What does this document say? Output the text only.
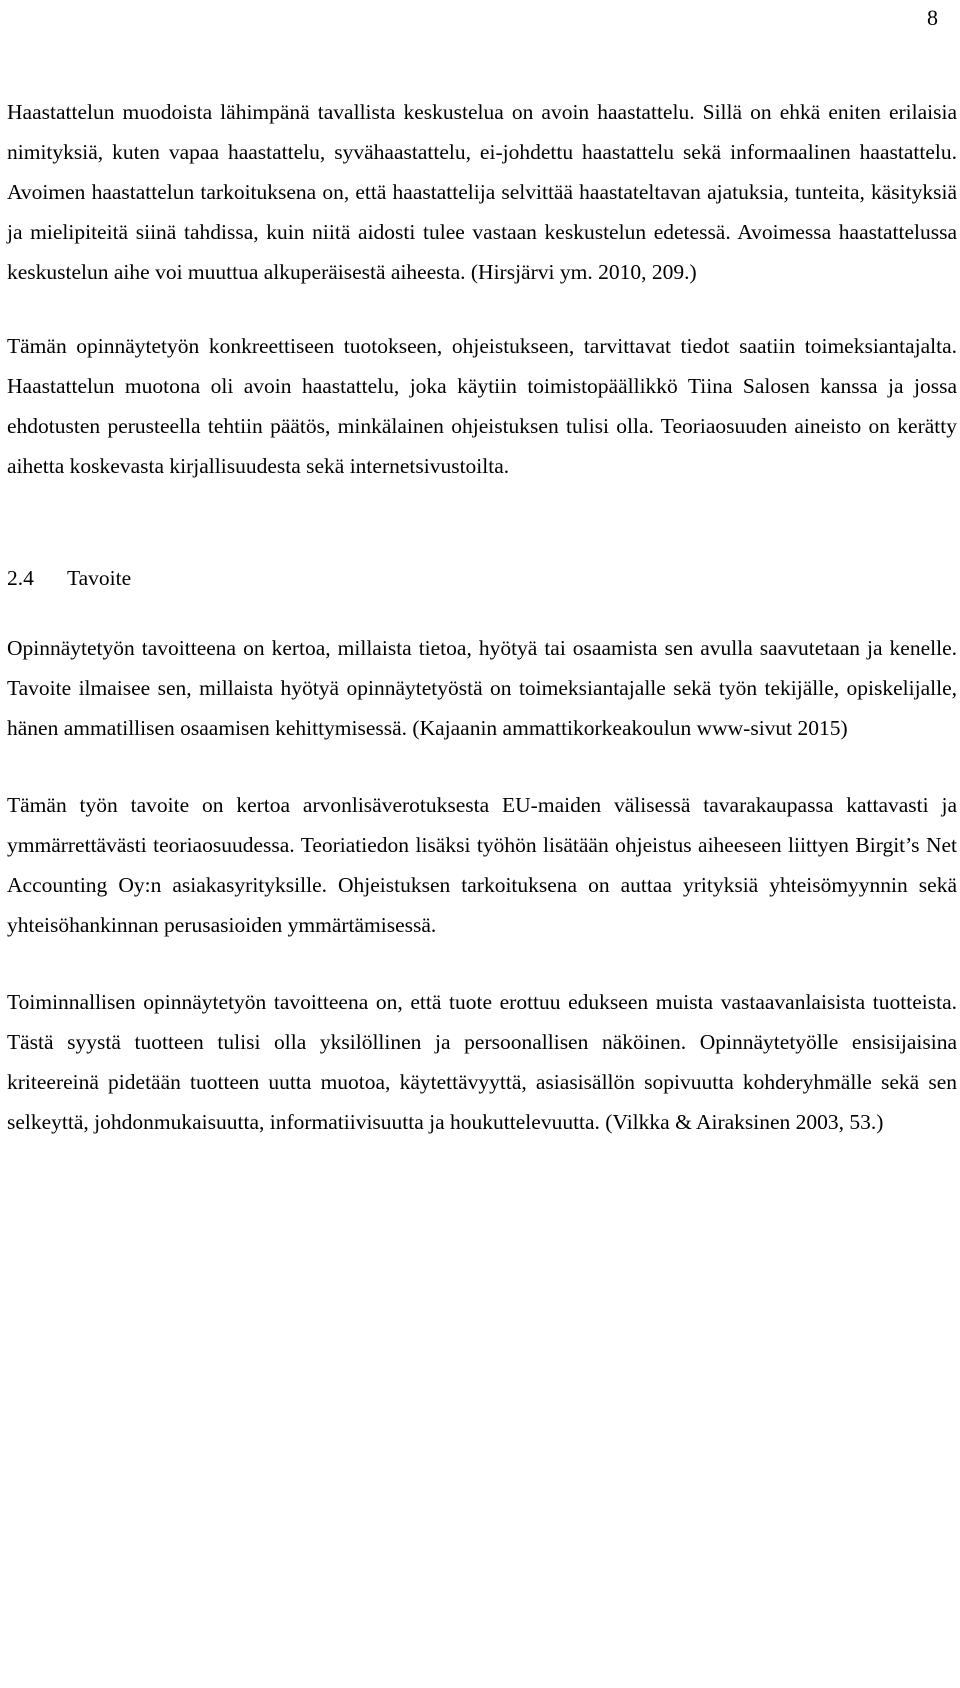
8

Haastattelun muodoista lähimpänä tavallista keskustelua on avoin haastattelu. Sillä on ehkä eniten erilaisia nimityksiä, kuten vapaa haastattelu, syvähaastattelu, ei-johdettu haastattelu sekä informaalinen haastattelu. Avoimen haastattelun tarkoituksena on, että haastattelija selvittää haastateltavan ajatuksia, tunteita, käsityksiä ja mielipiteitä siinä tahdissa, kuin niitä aidosti tulee vastaan keskustelun edetessä. Avoimessa haastattelussa keskustelun aihe voi muuttua alkuperäisestä aiheesta. (Hirsjärvi ym. 2010, 209.)

Tämän opinnäytetyön konkreettiseen tuotokseen, ohjeistukseen, tarvittavat tiedot saatiin toimeksiantajalta. Haastattelun muotona oli avoin haastattelu, joka käytiin toimistopäällikkö Tiina Salosen kanssa ja jossa ehdotusten perusteella tehtiin päätös, minkälainen ohjeistuksen tulisi olla. Teoriaosuuden aineisto on kerätty aihetta koskevasta kirjallisuudesta sekä internetsivustoilta.

2.4 Tavoite

Opinnäytetyön tavoitteena on kertoa, millaista tietoa, hyötyä tai osaamista sen avulla saavutetaan ja kenelle. Tavoite ilmaisee sen, millaista hyötyä opinnäytetyöstä on toimeksiantajalle sekä työn tekijälle, opiskelijalle, hänen ammatillisen osaamisen kehittymisessä. (Kajaanin ammattikorkeakoulun www-sivut 2015)

Tämän työn tavoite on kertoa arvonlisäverotuksesta EU-maiden välisessä tavarakaupassa kattavasti ja ymmärrettävästi teoriaosuudessa. Teoriatiedon lisäksi työhön lisätään ohjeistus aiheeseen liittyen Birgit’s Net Accounting Oy:n asiakasyrityksille. Ohjeistuksen tarkoituksena on auttaa yrityksiä yhteisömyynnin sekä yhteisöhankinnan perusasioiden ymmärtämisessä.

Toiminnallisen opinnäytetyön tavoitteena on, että tuote erottuu edukseen muista vastaavanlaisista tuotteista. Tästä syystä tuotteen tulisi olla yksilöllinen ja persoonallisen näköinen. Opinnäytetyölle ensisijaisina kriteereinä pidetään tuotteen uutta muotoa, käytettävyyttä, asiasisällön sopivuutta kohderyhmälle sekä sen selkeyttä, johdonmukaisuutta, informatiivisuutta ja houkuttelevuutta. (Vilkka & Airaksinen 2003, 53.)
